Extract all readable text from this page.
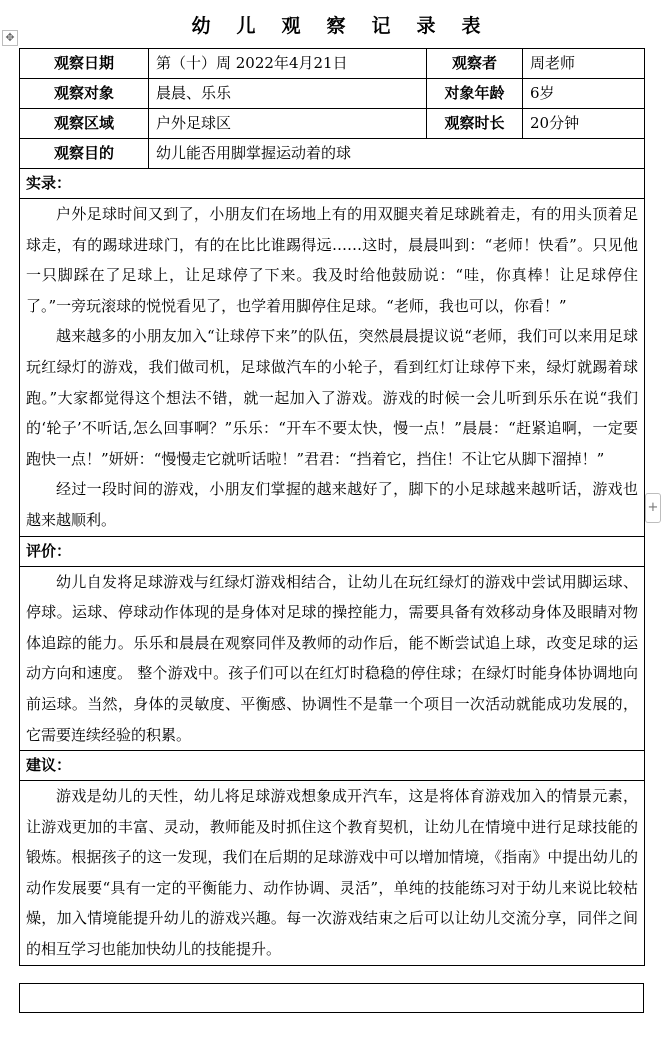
幼儿观察记录表
✥
+
观察日期	第（十）周 2022年4月21日	观察者	周老师
观察对象	晨晨、乐乐	对象年龄	6岁
观察区域	户外足球区	观察时长	20分钟
观察目的	幼儿能否用脚掌握运动着的球		
实录：			

户外足球时间又到了，小朋友们在场地上有的用双腿夹着足球跳着走，有的用头顶着足球走，有的踢球进球门，有的在比比谁踢得远……这时，晨晨叫到：“老师！快看”。只见他一只脚踩在了足球上，让足球停了下来。我及时给他鼓励说：“哇，你真棒！让足球停住了。”一旁玩滚球的悦悦看见了，也学着用脚停住足球。“老师，我也可以，你看！”

越来越多的小朋友加入“让球停下来”的队伍，突然晨晨提议说“老师，我们可以来用足球玩红绿灯的游戏，我们做司机，足球做汽车的小轮子，看到红灯让球停下来，绿灯就踢着球跑。”大家都觉得这个想法不错，就一起加入了游戏。游戏的时候一会儿听到乐乐在说“我们的‘轮子’不听话,怎么回事啊？”乐乐：“开车不要太快，慢一点！”晨晨：“赶紧追啊，一定要跑快一点！”妍妍：“慢慢走它就听话啦！”君君：“挡着它，挡住！不让它从脚下溜掉！”

经过一段时间的游戏，小朋友们掌握的越来越好了，脚下的小足球越来越听话，游戏也越来越顺利。			

评价：			

幼儿自发将足球游戏与红绿灯游戏相结合，让幼儿在玩红绿灯的游戏中尝试用脚运球、停球。运球、停球动作体现的是身体对足球的操控能力，需要具备有效移动身体及眼睛对物体追踪的能力。乐乐和晨晨在观察同伴及教师的动作后，能不断尝试追上球，改变足球的运动方向和速度。 整个游戏中。孩子们可以在红灯时稳稳的停住球；在绿灯时能身体协调地向前运球。当然，身体的灵敏度、平衡感、协调性不是靠一个项目一次活动就能成功发展的，它需要连续经验的积累。			

建议：			

游戏是幼儿的天性，幼儿将足球游戏想象成开汽车，这是将体育游戏加入的情景元素，让游戏更加的丰富、灵动，教师能及时抓住这个教育契机，让幼儿在情境中进行足球技能的锻炼。根据孩子的这一发现，我们在后期的足球游戏中可以增加情境，《指南》中提出幼儿的动作发展要“具有一定的平衡能力、动作协调、灵活”，单纯的技能练习对于幼儿来说比较枯燥，加入情境能提升幼儿的游戏兴趣。每一次游戏结束之后可以让幼儿交流分享，同伴之间的相互学习也能加快幼儿的技能提升。			
